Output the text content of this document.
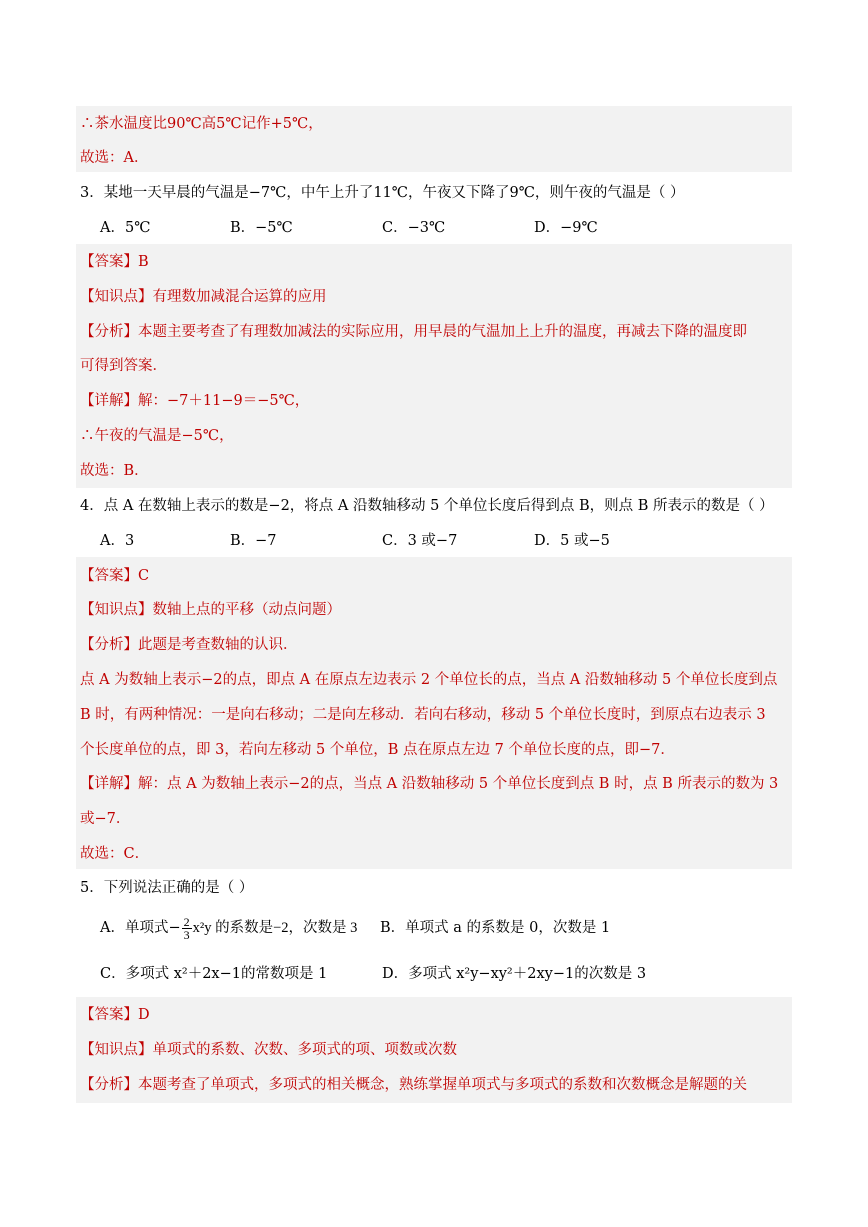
∴茶水温度比90℃高5℃记作+5℃，
故选：A．
3．某地一天早晨的气温是−7℃，中午上升了11℃，午夜又下降了9℃，则午夜的气温是（ ）
A．5℃	B．−5℃	C．−3℃	D．−9℃
【答案】B
【知识点】有理数加减混合运算的应用
【分析】本题主要考查了有理数加减法的实际应用，用早晨的气温加上上升的温度，再减去下降的温度即
可得到答案．
【详解】解：−7＋11−9＝−5℃，
∴午夜的气温是−5℃，
故选：B．
4．点 A 在数轴上表示的数是−2，将点 A 沿数轴移动 5 个单位长度后得到点 B，则点 B 所表示的数是（ ）
A．3	B．−7	C．3 或−7	D．5 或−5
【答案】C
【知识点】数轴上点的平移（动点问题）
【分析】此题是考查数轴的认识．
点 A 为数轴上表示−2的点，即点 A 在原点左边表示 2 个单位长的点，当点 A 沿数轴移动 5 个单位长度到点
B 时，有两种情况：一是向右移动；二是向左移动．若向右移动，移动 5 个单位长度时，到原点右边表示 3
个长度单位的点，即 3，若向左移动 5 个单位，B 点在原点左边 7 个单位长度的点，即−7．
【详解】解：点 A 为数轴上表示−2的点，当点 A 沿数轴移动 5 个单位长度到点 B 时，点 B 所表示的数为 3
或−7．
故选：C．
5．下列说法正确的是（ ）
A．单项式− $\frac{2}{3} x^2y$ 的系数是−2，次数是 3 B．单项式 a 的系数是 0，次数是 1
C．多项式 x²＋2x−1的常数项是 1	D．多项式 x²y−xy²＋2xy−1的次数是 3
【答案】D
【知识点】单项式的系数、次数、多项式的项、项数或次数
【分析】本题考查了单项式，多项式的相关概念，熟练掌握单项式与多项式的系数和次数概念是解题的关
